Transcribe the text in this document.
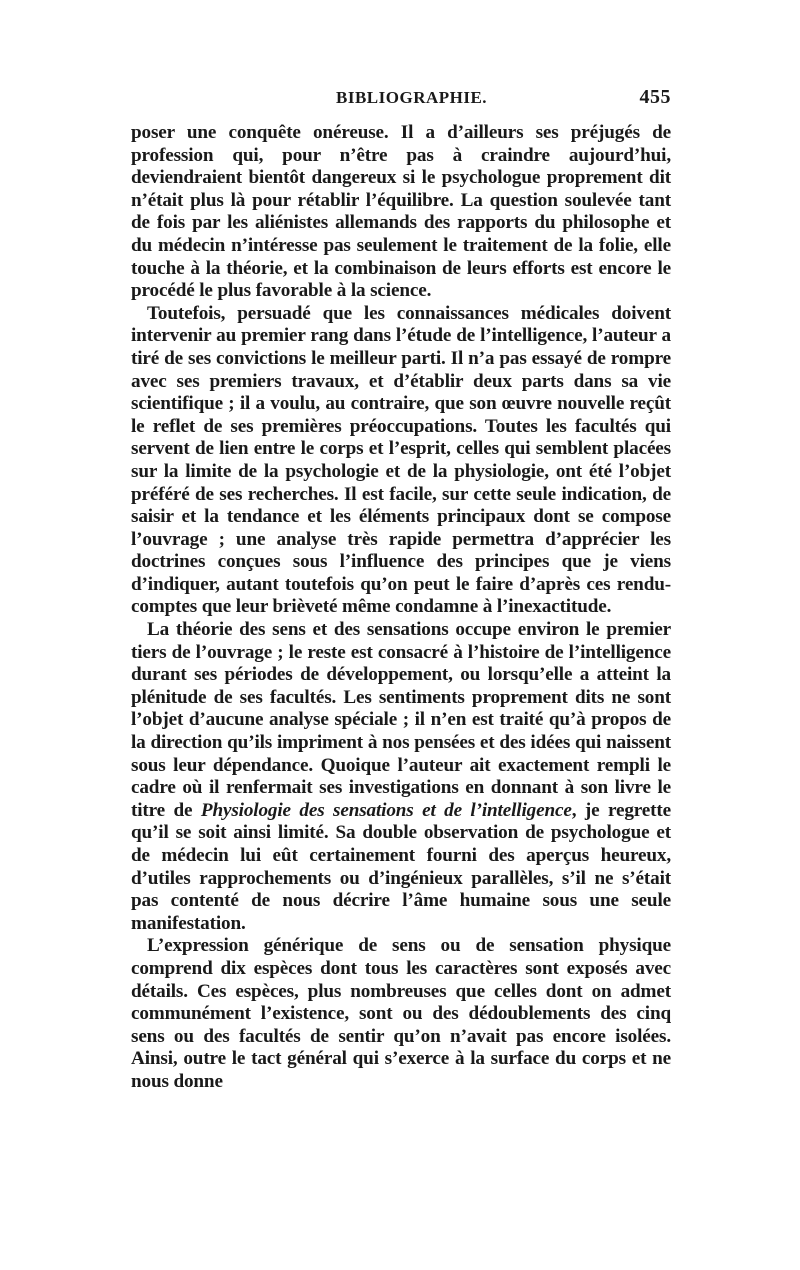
BIBLIOGRAPHIE.	455

poser une conquête onéreuse. Il a d’ailleurs ses préjugés de profession qui, pour n’être pas à craindre aujourd’hui, deviendraient bientôt dangereux si le psychologue proprement dit n’était plus là pour rétablir l’équilibre. La question soulevée tant de fois par les aliénistes allemands des rapports du philosophe et du médecin n’intéresse pas seulement le traitement de la folie, elle touche à la théorie, et la combinaison de leurs efforts est encore le procédé le plus favorable à la science.

Toutefois, persuadé que les connaissances médicales doivent intervenir au premier rang dans l’étude de l’intelligence, l’auteur a tiré de ses convictions le meilleur parti. Il n’a pas essayé de rompre avec ses premiers travaux, et d’établir deux parts dans sa vie scientifique ; il a voulu, au contraire, que son œuvre nouvelle reçût le reflet de ses premières préoccupations. Toutes les facultés qui servent de lien entre le corps et l’esprit, celles qui semblent placées sur la limite de la psychologie et de la physiologie, ont été l’objet préféré de ses recherches. Il est facile, sur cette seule indication, de saisir et la tendance et les éléments principaux dont se compose l’ouvrage ; une analyse très rapide permettra d’apprécier les doctrines conçues sous l’influence des principes que je viens d’indiquer, autant toutefois qu’on peut le faire d’après ces rendu-comptes que leur brièveté même condamne à l’inexactitude.

La théorie des sens et des sensations occupe environ le premier tiers de l’ouvrage ; le reste est consacré à l’histoire de l’intelligence durant ses périodes de développement, ou lorsqu’elle a atteint la plénitude de ses facultés. Les sentiments proprement dits ne sont l’objet d’aucune analyse spéciale ; il n’en est traité qu’à propos de la direction qu’ils impriment à nos pensées et des idées qui naissent sous leur dépendance. Quoique l’auteur ait exactement rempli le cadre où il renfermait ses investigations en donnant à son livre le titre de Physiologie des sensations et de l’intelligence, je regrette qu’il se soit ainsi limité. Sa double observation de psychologue et de médecin lui eût certainement fourni des aperçus heureux, d’utiles rapprochements ou d’ingénieux parallèles, s’il ne s’était pas contenté de nous décrire l’âme humaine sous une seule manifestation.

L’expression générique de sens ou de sensation physique comprend dix espèces dont tous les caractères sont exposés avec détails. Ces espèces, plus nombreuses que celles dont on admet communément l’existence, sont ou des dédoublements des cinq sens ou des facultés de sentir qu’on n’avait pas encore isolées. Ainsi, outre le tact général qui s’exerce à la surface du corps et ne nous donne
